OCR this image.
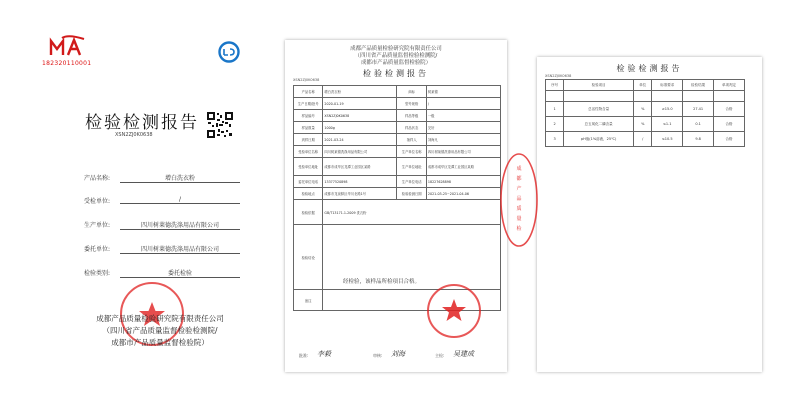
182320110001
检验检测报告
XSN2ZJ0K0638
产品名称:	增白洗衣粉
受检单位:	/
生产单位:	四川树莱德洗涤用品有限公司
委托单位:	四川树莱德洗涤用品有限公司
检验类别:	委托检验
成都产品质量检验研究院有限责任公司
（四川省产品质量监督检验检测院/
成都市产品质量监督检验院）
成都产品质量检验研究院有限责任公司
（四川省产品质量监督检验检测院/
成都市产品质量监督检验院）
检验检测报告
XSN2ZJ0K0638
产品名称	增白洗衣粉	商标	树莱德
生产日期/批号	2020-01-19	型号规格	/
样品编号	XSN2ZJ0K0638	样品等级	一级
样品数量	1000g	样品状态	完好
到样日期	2021-03-24	抽样人	刘海凡
受检单位名称	四川树莱德洗涤用品有限公司	生产单位名称	四川树莱德洗涤用品有限公司
受检单位地址	成都市成华区龙潭工业园区某路	生产单位地址	成都市成华区龙潭工业园区某路
委托单位电话	13377520898	生产单位电话	18227628898
检验地点	成都市龙泉驿区华川北路1号	检验检测日期	2021-03-25~2021-04-06
检验依据	GB/T13171.1-2009 洗衣粉		
检验结论			
备注			
经检验，该样品所检项目合格。
批准: 李毅	审核: 刘海	主检: 吴建成
检验检测报告
XSN2ZJ0K0638
序号	检验项目	单位	标准要求	检验结果	单项判定

1	总活性物含量	%	≥15.0	27.41	合格
2	总五氧化二磷含量	%	≤1.1	0.1	合格
3	pH值(1%溶液，25℃)	/	≤10.5	9.8	合格
成
都
产
品
质
量
检
